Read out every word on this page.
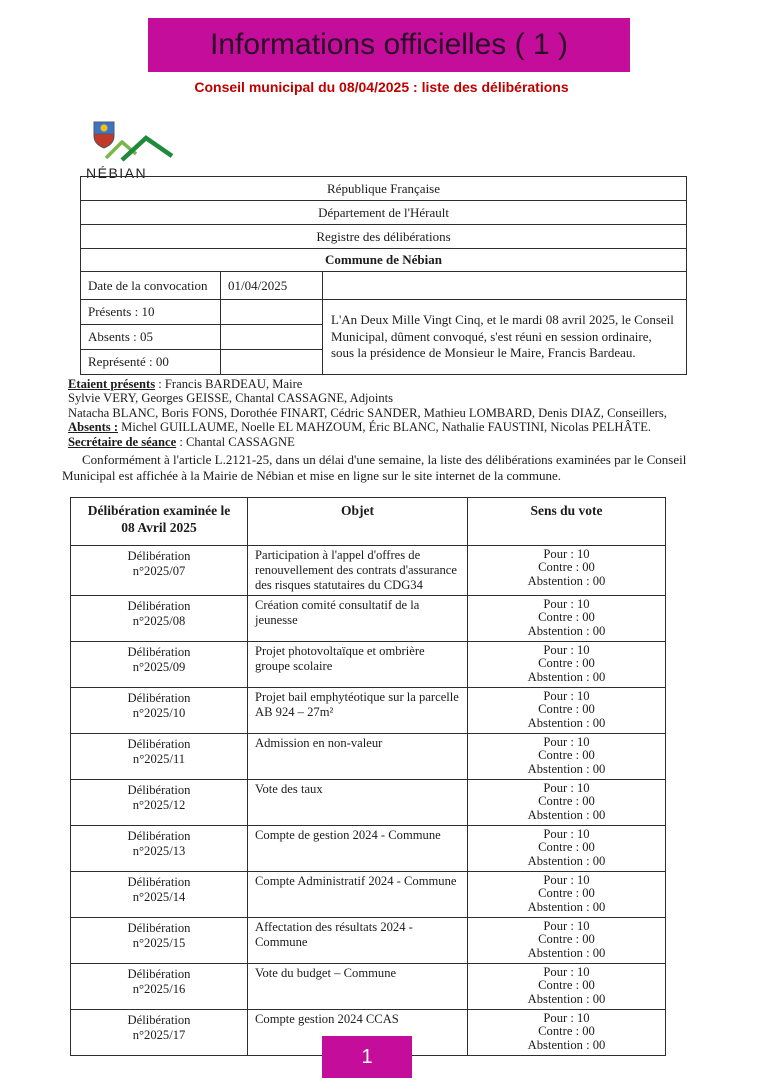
Informations officielles ( 1 )
Conseil municipal du 08/04/2025 : liste des délibérations
NÉBIAN
République Française		
Département de l'Hérault		
Registre des délibérations		
Commune de Nébian		
Date de la convocation	01/04/2025	
Présents : 10		L'An Deux Mille Vingt Cinq, et le mardi 08 avril 2025, le Conseil Municipal, dûment convoqué, s'est réuni en session ordinaire, sous la présidence de Monsieur le Maire, Francis Bardeau.
Absents : 05		
Représenté : 00		
Etaient présents : Francis BARDEAU, Maire
Sylvie VERY, Georges GEISSE, Chantal CASSAGNE, Adjoints
Natacha BLANC, Boris FONS, Dorothée FINART, Cédric SANDER, Mathieu LOMBARD, Denis DIAZ, Conseillers,
Absents : Michel GUILLAUME, Noelle EL MAHZOUM, Éric BLANC, Nathalie FAUSTINI, Nicolas PELHÂTE.
Secrétaire de séance : Chantal CASSAGNE

Conformément à l'article L.2121-25, dans un délai d'une semaine, la liste des délibérations examinées par le Conseil Municipal est affichée à la Mairie de Nébian et mise en ligne sur le site internet de la commune.

Délibération examinée le
08 Avril 2025	Objet	Sens du vote

Délibération
n°2025/07
	Participation à l'appel d'offres de renouvellement des contrats d'assurance des risques statutaires du CDG34	
Pour : 10
Contre : 00
Abstention : 00

Délibération
n°2025/08
	Création comité consultatif de la jeunesse	
Pour : 10
Contre : 00
Abstention : 00

Délibération
n°2025/09
	Projet photovoltaïque et ombrière groupe scolaire	
Pour : 10
Contre : 00
Abstention : 00

Délibération
n°2025/10
	Projet bail emphytéotique sur la parcelle AB 924 – 27m²	
Pour : 10
Contre : 00
Abstention : 00

Délibération
n°2025/11
	Admission en non-valeur	Pour : 10
Contre : 00
Abstention : 00

Délibération
n°2025/12
	Vote des taux	Pour : 10
Contre : 00
Abstention : 00

Délibération
n°2025/13
	Compte de gestion 2024 - Commune	Pour : 10
Contre : 00
Abstention : 00

Délibération
n°2025/14
	Compte Administratif 2024 - Commune	Pour : 10
Contre : 00
Abstention : 00

Délibération
n°2025/15
	Affectation des résultats 2024 - Commune	
Pour : 10
Contre : 00
Abstention : 00

Délibération
n°2025/16
	Vote du budget – Commune	Pour : 10
Contre : 00
Abstention : 00

Délibération
n°2025/17
	Compte gestion 2024 CCAS	Pour : 10
Contre : 00
Abstention : 00
1
